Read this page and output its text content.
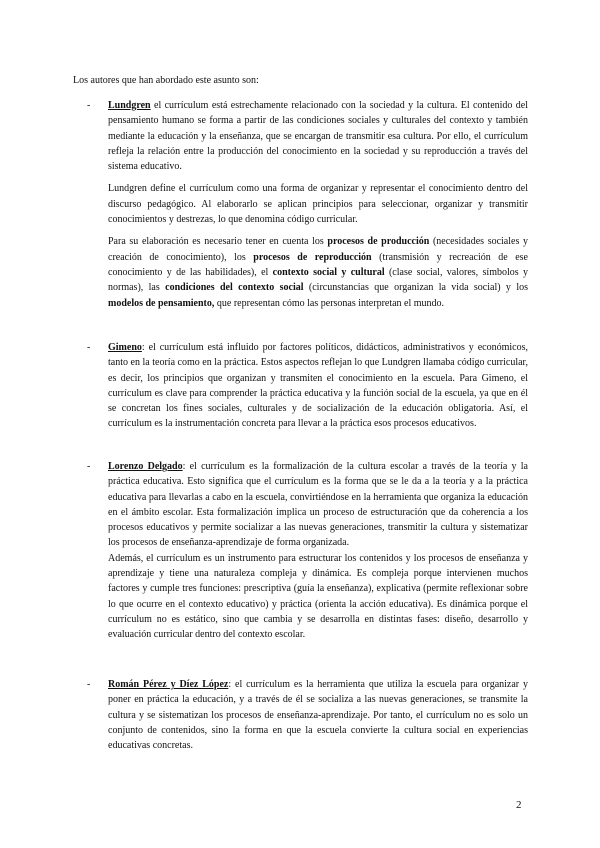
Los autores que han abordado este asunto son:
- Lundgren el currículum está estrechamente relacionado con la sociedad y la cultura. El contenido del pensamiento humano se forma a partir de las condiciones sociales y culturales del contexto y también mediante la educación y la enseñanza, que se encargan de transmitir esa cultura. Por ello, el currículum refleja la relación entre la producción del conocimiento en la sociedad y su reproducción a través del sistema educativo.

Lundgren define el currículum como una forma de organizar y representar el conocimiento dentro del discurso pedagógico. Al elaborarlo se aplican principios para seleccionar, organizar y transmitir conocimientos y destrezas, lo que denomina código curricular.

Para su elaboración es necesario tener en cuenta los procesos de producción (necesidades sociales y creación de conocimiento), los procesos de reproducción (transmisión y recreación de ese conocimiento y de las habilidades), el contexto social y cultural (clase social, valores, símbolos y normas), las condiciones del contexto social (circunstancias que organizan la vida social) y los modelos de pensamiento, que representan cómo las personas interpretan el mundo.

- Gimeno: el currículum está influido por factores políticos, didácticos, administrativos y económicos, tanto en la teoría como en la práctica. Estos aspectos reflejan lo que Lundgren llamaba código curricular, es decir, los principios que organizan y transmiten el conocimiento en la escuela. Para Gimeno, el currículum es clave para comprender la práctica educativa y la función social de la escuela, ya que en él se concretan los fines sociales, culturales y de socialización de la educación obligatoria. Así, el currículum es la instrumentación concreta para llevar a la práctica esos procesos educativos.

- Lorenzo Delgado: el currículum es la formalización de la cultura escolar a través de la teoría y la práctica educativa. Esto significa que el currículum es la forma que se le da a la teoría y a la práctica educativa para llevarlas a cabo en la escuela, convirtiéndose en la herramienta que organiza la educación en el ámbito escolar. Esta formalización implica un proceso de estructuración que da coherencia a los procesos educativos y permite socializar a las nuevas generaciones, transmitir la cultura y sistematizar los procesos de enseñanza-aprendizaje de forma organizada.

Además, el currículum es un instrumento para estructurar los contenidos y los procesos de enseñanza y aprendizaje y tiene una naturaleza compleja y dinámica. Es compleja porque intervienen muchos factores y cumple tres funciones: prescriptiva (guía la enseñanza), explicativa (permite reflexionar sobre lo que ocurre en el contexto educativo) y práctica (orienta la acción educativa). Es dinámica porque el currículum no es estático, sino que cambia y se desarrolla en distintas fases: diseño, desarrollo y evaluación curricular dentro del contexto escolar.

- Román Pérez y Díez López: el currículum es la herramienta que utiliza la escuela para organizar y poner en práctica la educación, y a través de él se socializa a las nuevas generaciones, se transmite la cultura y se sistematizan los procesos de enseñanza-aprendizaje. Por tanto, el currículum no es solo un conjunto de contenidos, sino la forma en que la escuela convierte la cultura social en experiencias educativas concretas.

2
